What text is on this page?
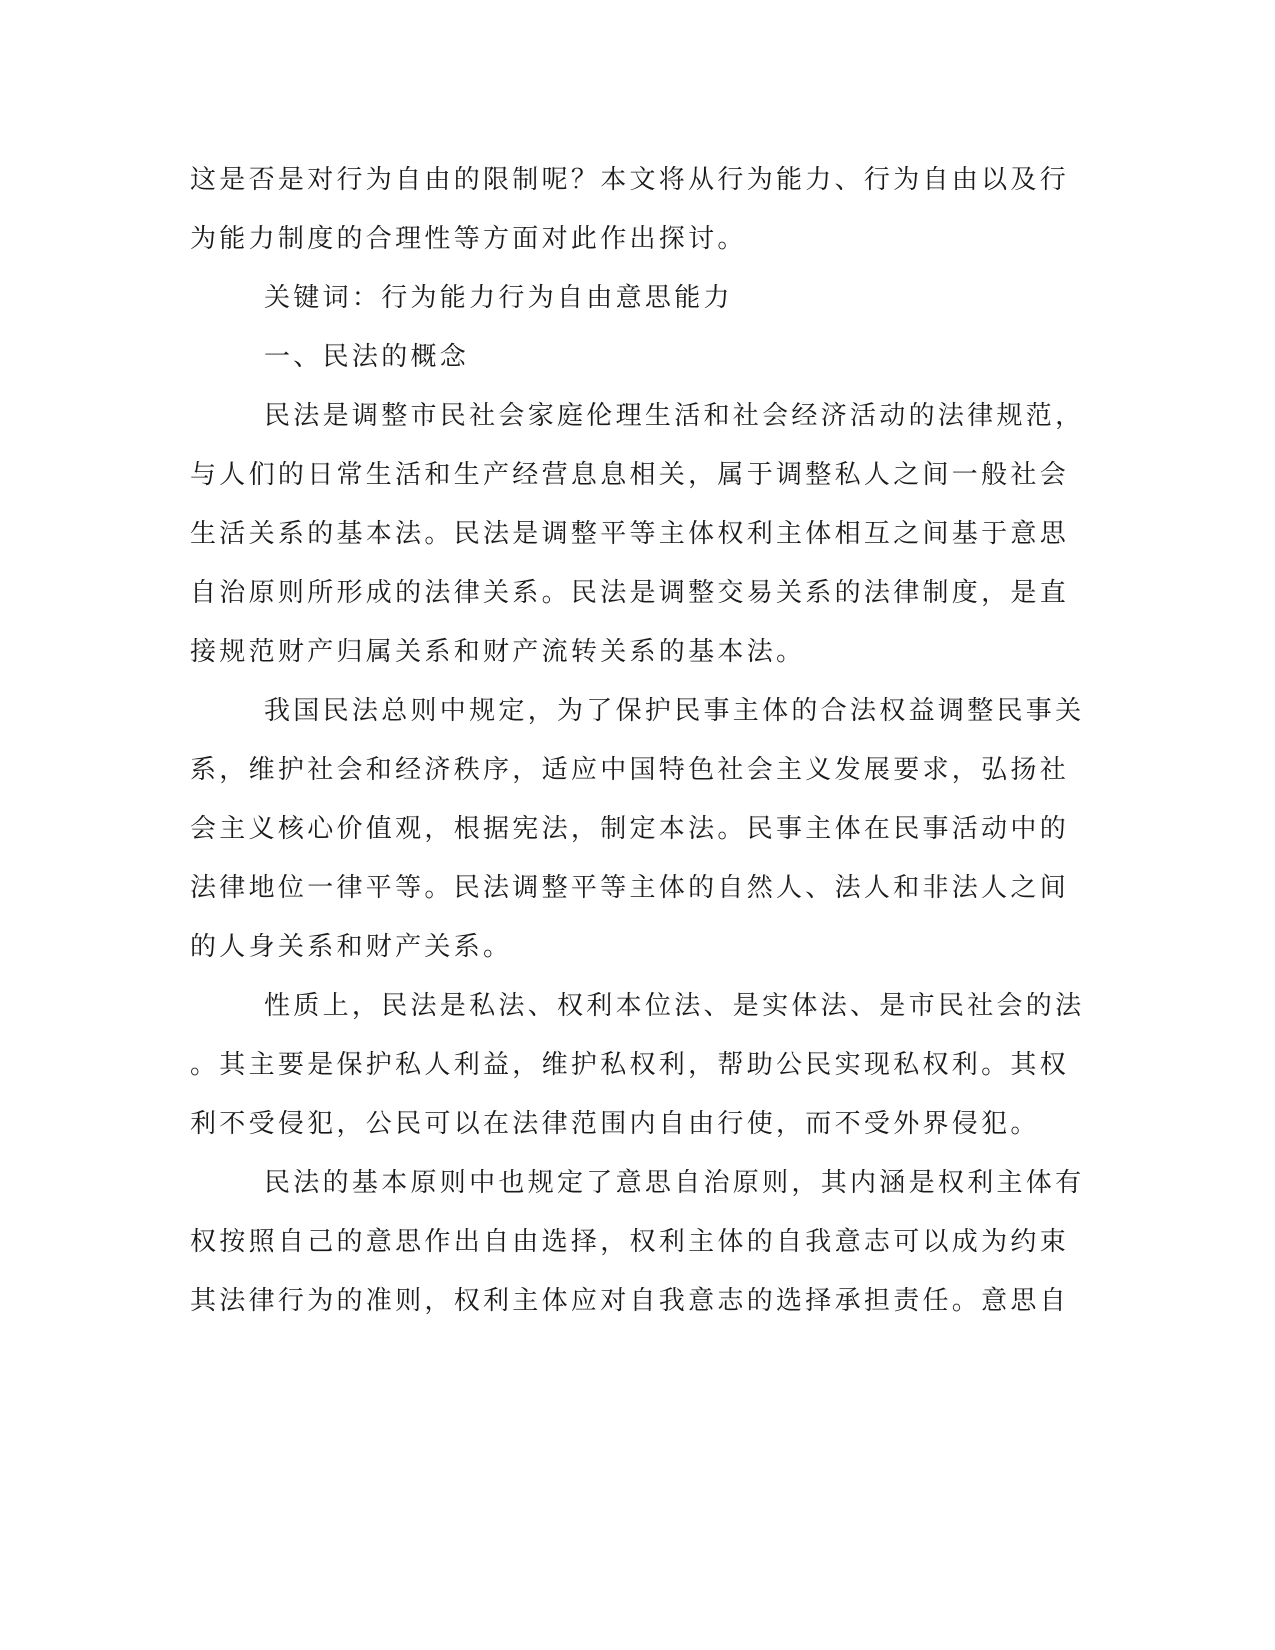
这是否是对行为自由的限制呢？本文将从行为能力、行为自由以及行
为能力制度的合理性等方面对此作出探讨。
关键词：行为能力行为自由意思能力
一、民法的概念
民法是调整市民社会家庭伦理生活和社会经济活动的法律规范，
与人们的日常生活和生产经营息息相关，属于调整私人之间一般社会
生活关系的基本法。民法是调整平等主体权利主体相互之间基于意思
自治原则所形成的法律关系。民法是调整交易关系的法律制度，是直
接规范财产归属关系和财产流转关系的基本法。
我国民法总则中规定，为了保护民事主体的合法权益调整民事关
系，维护社会和经济秩序，适应中国特色社会主义发展要求，弘扬社
会主义核心价值观，根据宪法，制定本法。民事主体在民事活动中的
法律地位一律平等。民法调整平等主体的自然人、法人和非法人之间
的人身关系和财产关系。
性质上，民法是私法、权利本位法、是实体法、是市民社会的法
。其主要是保护私人利益，维护私权利，帮助公民实现私权利。其权
利不受侵犯，公民可以在法律范围内自由行使，而不受外界侵犯。
民法的基本原则中也规定了意思自治原则，其内涵是权利主体有
权按照自己的意思作出自由选择，权利主体的自我意志可以成为约束
其法律行为的准则，权利主体应对自我意志的选择承担责任。意思自
